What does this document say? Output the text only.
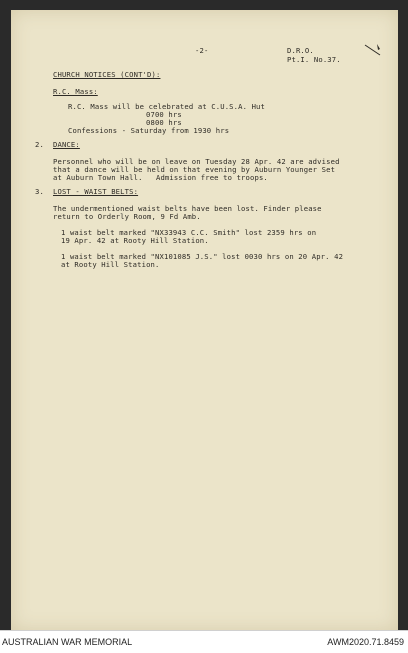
-2-	D.R.O.
Pt.I. No.37.
CHURCH NOTICES (CONT'D):
R.C. Mass:
R.C. Mass will be celebrated at C.U.S.A. Hut
0700 hrs
0800 hrs
Confessions - Saturday from 1930 hrs
2. DANCE:
Personnel who will be on leave on Tuesday 28 Apr. 42 are advised
that a dance will be held on that evening by Auburn Younger Set
at Auburn Town Hall.   Admission free to troops.
3. LOST - WAIST BELTS:
The undermentioned waist belts have been lost. Finder please
return to Orderly Room, 9 Fd Amb.
1 waist belt marked "NX33943 C.C. Smith" lost 2359 hrs on
19 Apr. 42 at Rooty Hill Station.
1 waist belt marked "NX101085 J.S." lost 0030 hrs on 20 Apr. 42
at Rooty Hill Station.
AUSTRALIAN WAR MEMORIAL	AWM2020.71.8459
